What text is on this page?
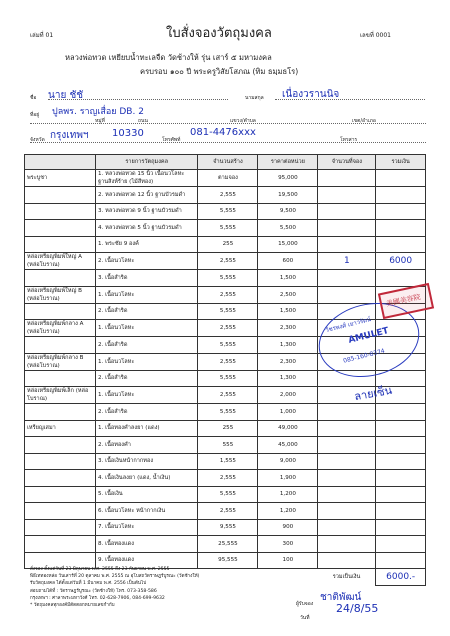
เล่มที่ 01	ใบสั่งจองวัตถุมงคล	เลขที่ 0001
หลวงพ่อทวด เหยียบน้ำทะเลจืด วัดช้างให้ รุ่น เสาร์ ๕ มหามงคล
ครบรอบ ๑๐๐ ปี พระครูวิสัยโสภณ (ทิม ธมฺมธโร)
ชื่อ นาย ชัชั	นามสกุล เนื่องวรานนิจ
ที่อยู่ ปูลพร. ราญเสื่อย DB. 2
หมู่ที่	ถนน	แขวง/ตำบล	เขต/อำเภอ
จังหวัด กรุงเทพฯ 10330
โทรศัพท์
081-4476xxx
โทรสาร
	รายการวัตถุมงคล	จำนวนสร้าง	ราคาต่อหน่วย	จำนวนที่จอง	รวมเงิน
พระบูชา	1. หลวงพ่อทวด 15 นิ้ว เนื้อนวโลหะ ฐานสิงห์ร้าย (ไม้สีทอง)	ตามจอง	95,000		
	2. หลวงพ่อทวด 12 นิ้ว ฐานบัวรมดำ	2,555	19,500		
	3. หลวงพ่อทวด 9 นิ้ว ฐานบัวรมดำ	5,555	9,500		
	4. หลวงพ่อทวด 5 นิ้ว ฐานบัวรมดำ	5,555	5,500		
	1. พระชัย 9 องค์	255	15,000		
หล่อเหรียญพิมพ์ใหญ่ A (หล่อโบราณ)	2. เนื้อนวโลหะ	2,555	600	1	6000
	3. เนื้อสำริด	5,555	1,500		
หล่อเหรียญพิมพ์ใหญ่ B (หล่อโบราณ)	1. เนื้อนวโลหะ	2,555	2,500		
	2. เนื้อสำริด	5,555	1,500		
หล่อเหรียญพิมพ์กลาง A (หล่อโบราณ)	1. เนื้อนวโลหะ	2,555	2,300		
	2. เนื้อสำริด	5,555	1,300		
หล่อเหรียญพิมพ์กลาง B (หล่อโบราณ)	1. เนื้อนวโลหะ	2,555	2,300		
	2. เนื้อสำริด	5,555	1,300		
หล่อเหรียญพิมพ์เล็ก (หล่อโบราณ)	1. เนื้อนวโลหะ	2,555	2,000		
	2. เนื้อสำริด	5,555	1,000		
เหรียญเสมา	1. เนื้อทองคำลงยา (แดง)	255	49,000		
	2. เนื้อทองคำ	555	45,000		
	3. เนื้อเงินหน้ากากทอง	1,555	9,000		
	4. เนื้อเงินลงยา (แดง, น้ำเงิน)	2,555	1,900		
	5. เนื้อเงิน	5,555	1,200		
	6. เนื้อนวโลหะ หน้ากากเงิน	2,555	1,200		
	7. เนื้อนวโลหะ	9,555	900		
	8. เนื้อทองแดง	25,555	300		
	9. เนื้อทองแดง	95,555	100		
				รวมเป็นเงิน	6000.-
วัชรพงศ์ เยาวรัตน์
AMULET
085-160-8374
美國美容院
ลายเซ็น
สั่งจอง ตั้งแต่วันที่ 23 มิถุนายน พ.ศ. 2555 ถึง 23 กันยายน พ.ศ. 2555
พิธีเททองหล่อ วันเสาร์ที่ 20 ตุลาคม พ.ศ. 2555 ณ อุโบสถวัดราษฎร์บูรณะ (วัดช้างให้)
รับวัตถุมงคล ได้ตั้งแต่วันที่ 1 มีนาคม พ.ศ. 2556 เป็นต้นไป
สอบถามได้ที่ : วัดราษฎร์บูรณะ (วัดช้างให้) โทร. 073-358-586
กรุงเทพฯ : ศาลาพระมหาวังศ์ โทร. 02-628-7906, 084-699-9632
* วัตถุมงคลทุกองค์มีตัดตอกหมายเลขกำกับ	ผู้รับจอง
ชาติพัฒน์
วันที่
24/8/55
